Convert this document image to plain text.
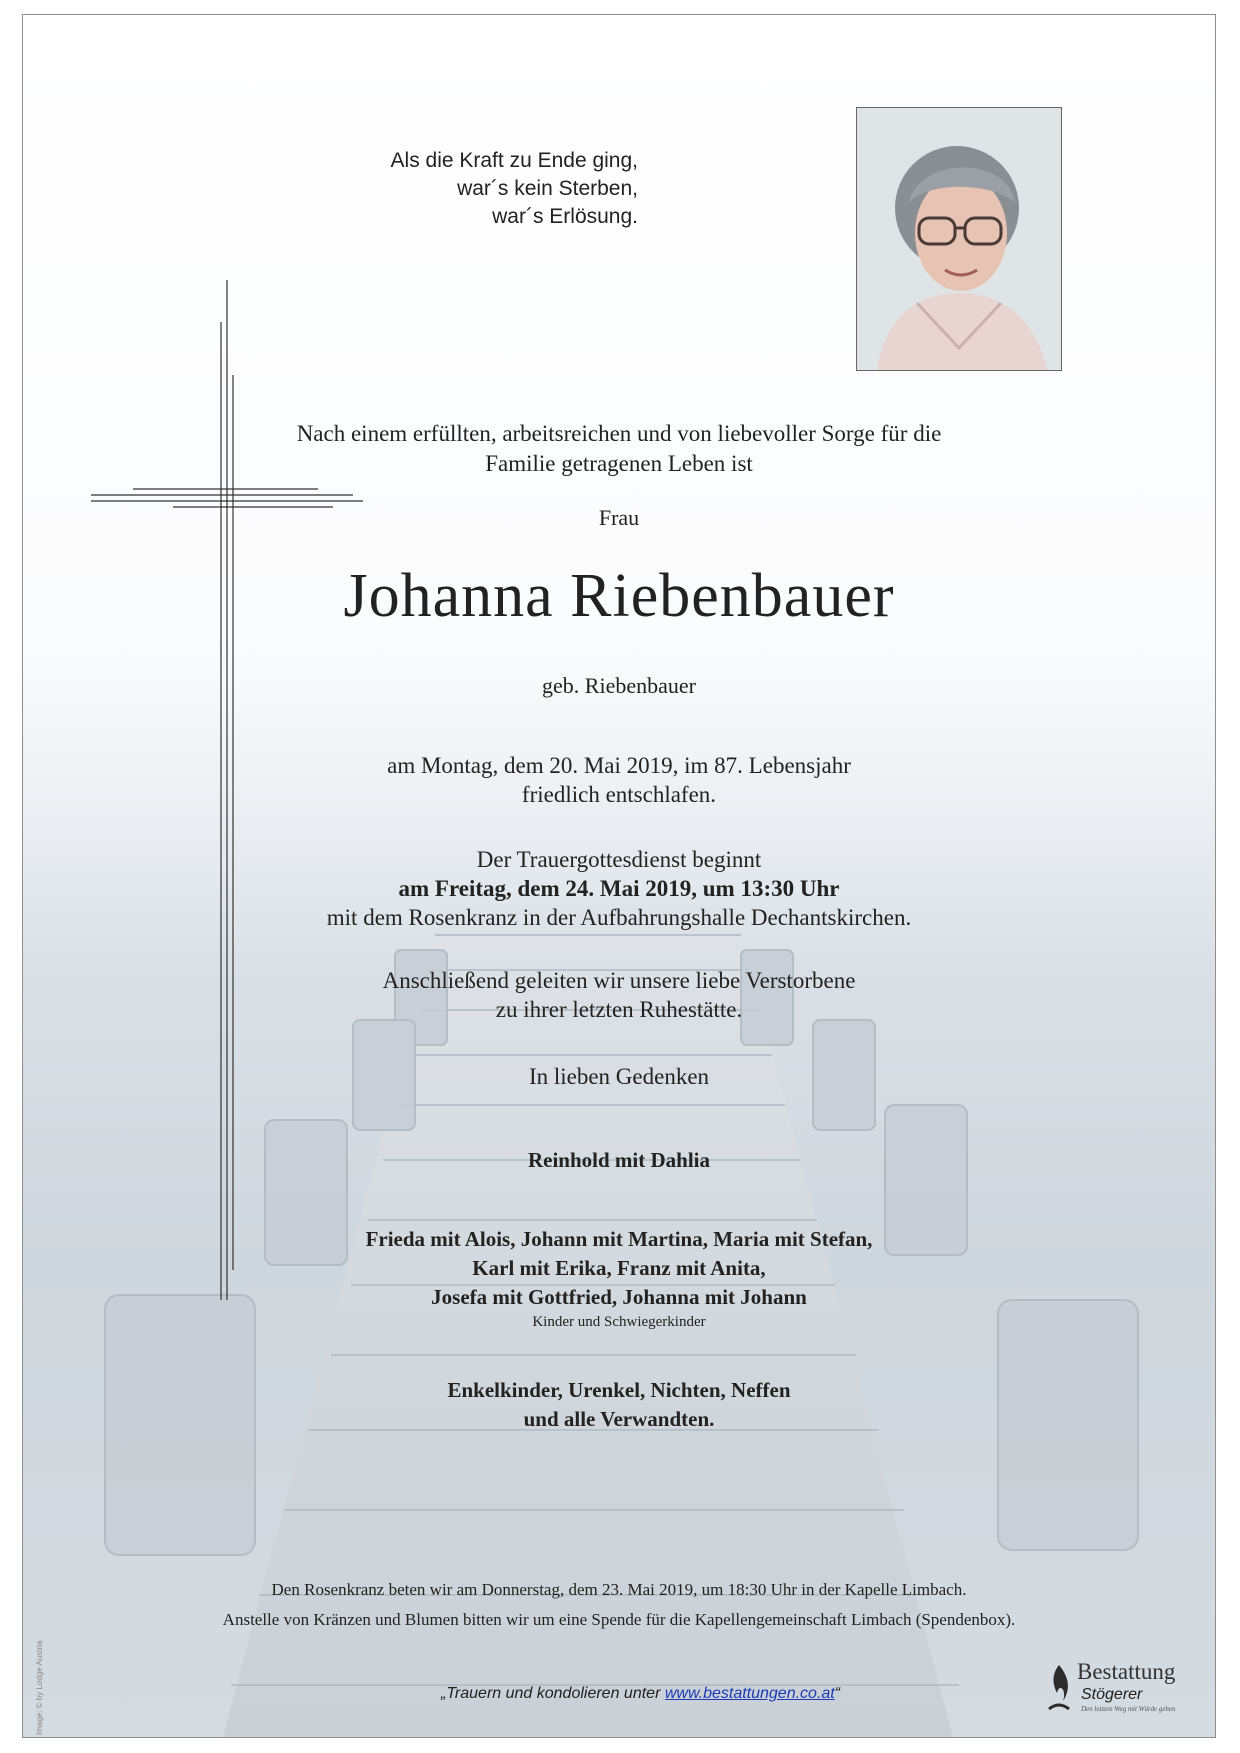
Als die Kraft zu Ende ging,
war´s kein Sterben,
war´s Erlösung.
Nach einem erfüllten, arbeitsreichen und von liebevoller Sorge für die
Familie getragenen Leben ist
Frau
Johanna Riebenbauer
geb. Riebenbauer
am Montag, dem 20. Mai 2019, im 87. Lebensjahr
friedlich entschlafen.
Der Trauergottesdienst beginnt
am Freitag, dem 24. Mai 2019, um 13:30 Uhr
mit dem Rosenkranz in der Aufbahrungshalle Dechantskirchen.
Anschließend geleiten wir unsere liebe Verstorbene
zu ihrer letzten Ruhestätte.
In lieben Gedenken
Reinhold mit Dahlia
Frieda mit Alois, Johann mit Martina, Maria mit Stefan,
Karl mit Erika, Franz mit Anita,
Josefa mit Gottfried, Johanna mit Johann
Kinder und Schwiegerkinder
Enkelkinder, Urenkel, Nichten, Neffen
und alle Verwandten.
Den Rosenkranz beten wir am Donnerstag, dem 23. Mai 2019, um 18:30 Uhr in der Kapelle Limbach.
Anstelle von Kränzen und Blumen bitten wir um eine Spende für die Kapellengemeinschaft Limbach (Spendenbox).
„Trauern und kondolieren unter www.bestattungen.co.at“
Bestattung
Stögerer
Den letzten Weg mit Würde gehen
Image: © by Lodge Austria
